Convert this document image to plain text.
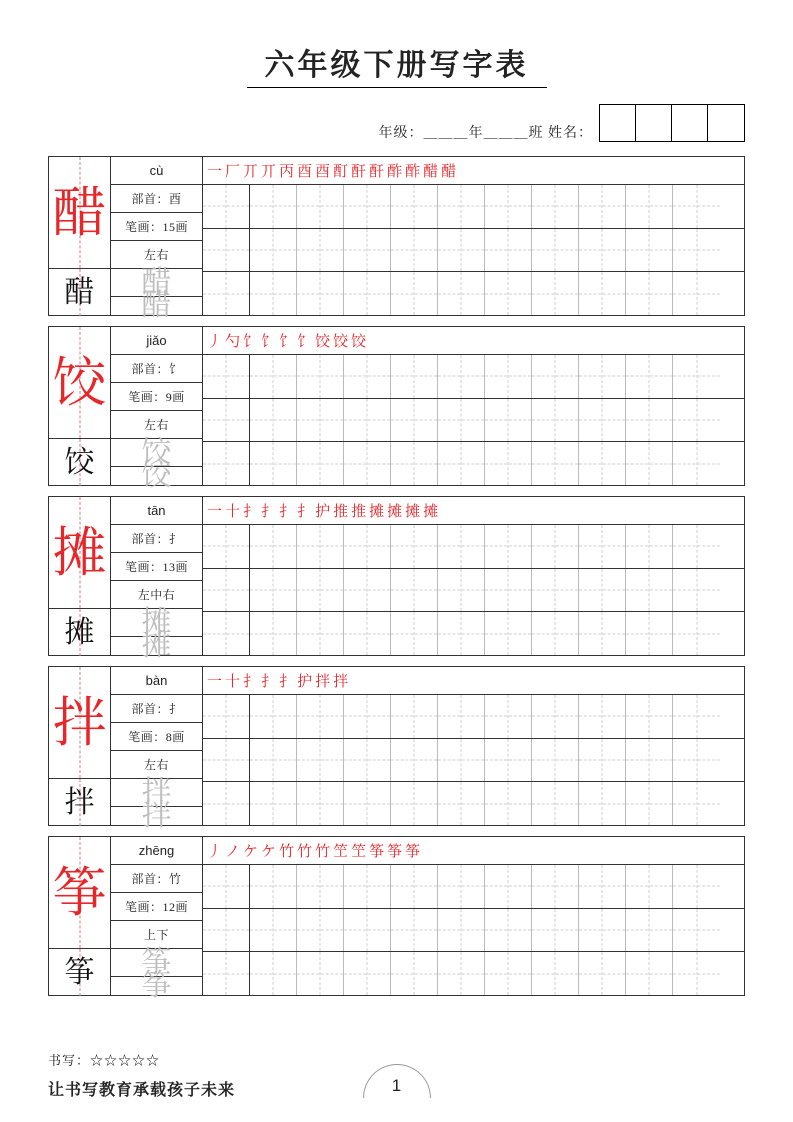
六年级下册写字表
年级：＿＿＿年＿＿＿班 姓名：
醋
醋
cù
部首： 酉
笔画： 15画
左右
醋
醋
一 厂 丌 丌 丙 酉 酉 酊 酐 酐 酢 酢 醋 醋
饺
饺
jiǎo
部首： 饣
笔画： 9画
左右
饺
饺
丿 勺 饣 饣 饣 饣 饺 饺 饺
摊
摊
tān
部首： 扌
笔画： 13画
左中右
摊
摊
一 十 扌 扌 扌 扌 护 推 推 摊 摊 摊 摊
拌
拌
bàn
部首： 扌
笔画： 8画
左右
拌
拌
一 十 扌 扌 扌 护 拌 拌
筝
筝
zhēng
部首： 竹
笔画： 12画
上下
筝
筝
丿 ノ ケ ケ 竹 竹 竹 笁 笁 筝 筝 筝
书写：☆☆☆☆☆
让书写教育承载孩子未来	1
